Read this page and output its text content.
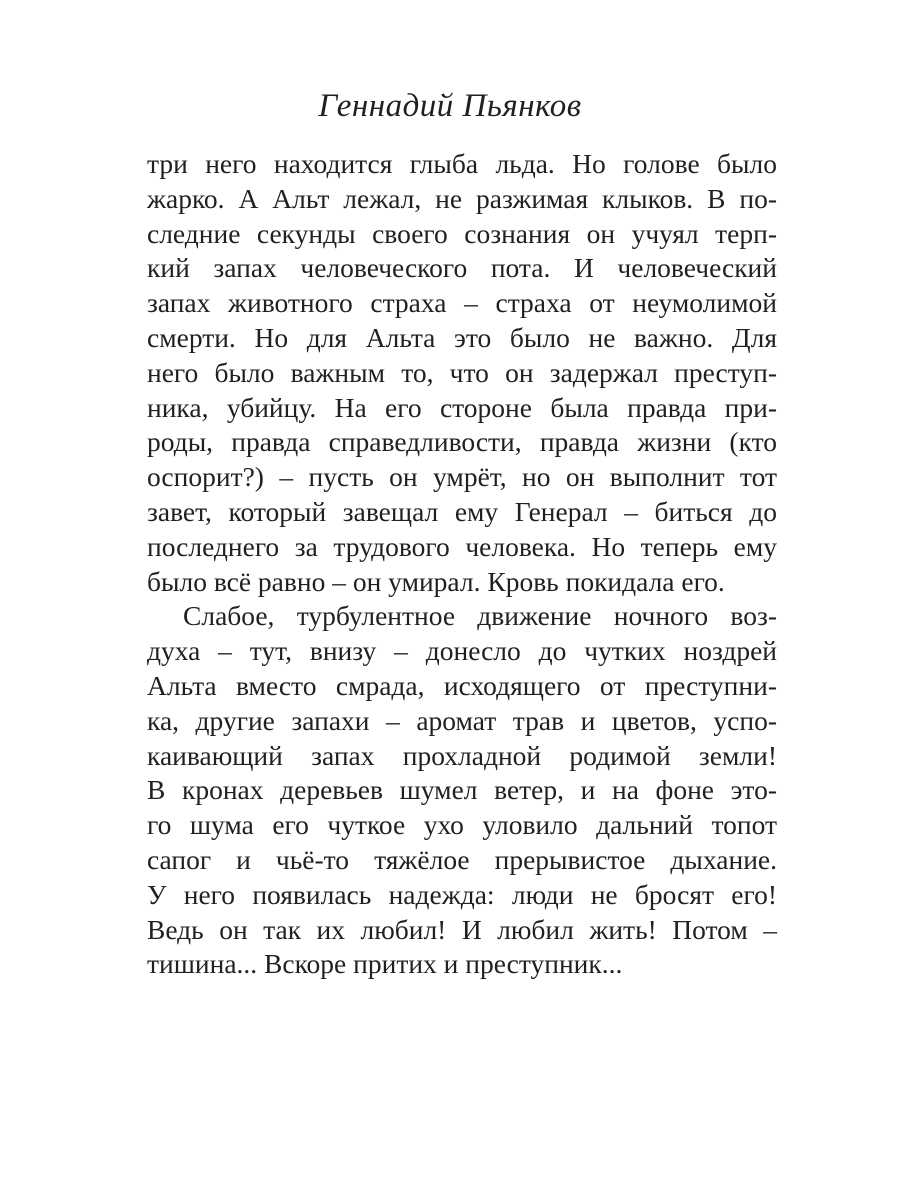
Геннадий Пьянков
три него находится глыба льда. Но голове было
жарко. А Альт лежал, не разжимая клыков. В по-
следние секунды своего сознания он учуял терп-
кий запах человеческого пота. И человеческий
запах животного страха – страха от неумолимой
смерти. Но для Альта это было не важно. Для
него было важным то, что он задержал преступ-
ника, убийцу. На его стороне была правда при-
роды, правда справедливости, правда жизни (кто
оспорит?) – пусть он умрёт, но он выполнит тот
завет, который завещал ему Генерал – биться до
последнего за трудового человека. Но теперь ему
было всё равно – он умирал. Кровь покидала его.
Слабое, турбулентное движение ночного воз-
духа – тут, внизу – донесло до чутких ноздрей
Альта вместо смрада, исходящего от преступни-
ка, другие запахи – аромат трав и цветов, успо-
каивающий запах прохладной родимой земли!
В кронах деревьев шумел ветер, и на фоне это-
го шума его чуткое ухо уловило дальний топот
сапог и чьё-то тяжёлое прерывистое дыхание.
У него появилась надежда: люди не бросят его!
Ведь он так их любил! И любил жить! Потом –
тишина... Вскоре притих и преступник...
